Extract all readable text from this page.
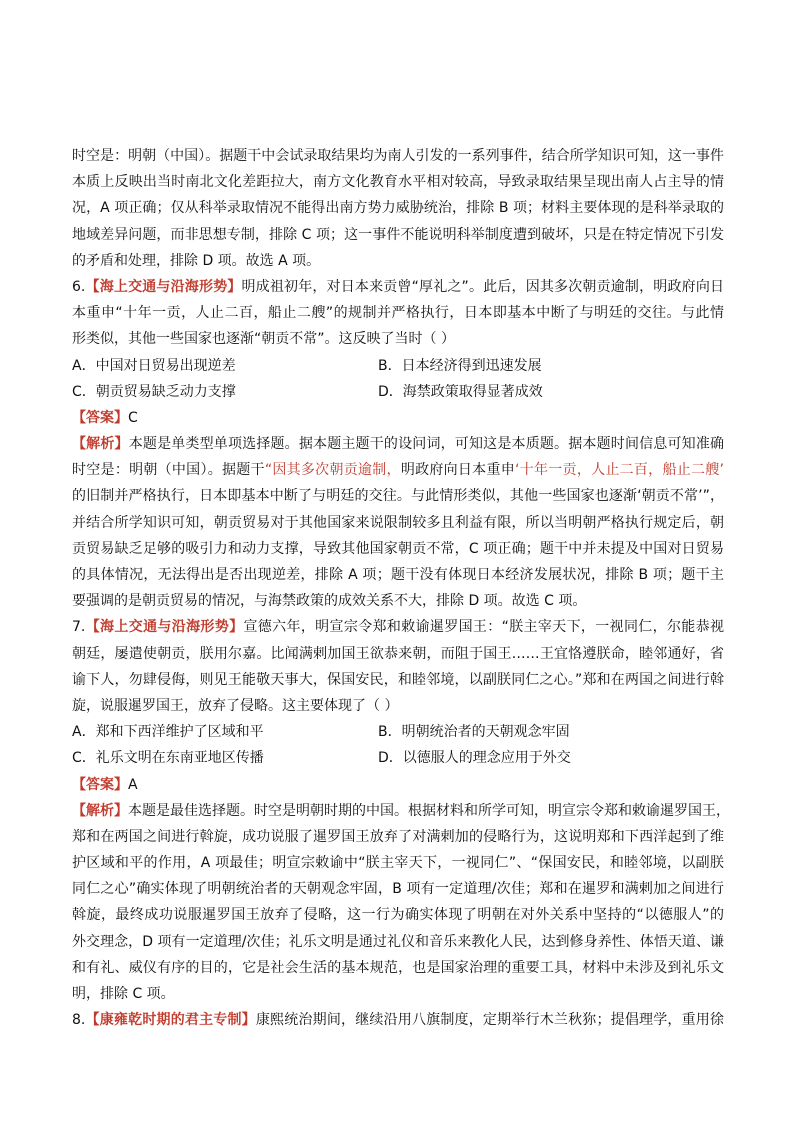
时空是：明朝（中国）。据题干中会试录取结果均为南人引发的一系列事件，结合所学知识可知，这一事件
本质上反映出当时南北文化差距拉大，南方文化教育水平相对较高，导致录取结果呈现出南人占主导的情
况，A 项正确；仅从科举录取情况不能得出南方势力威胁统治，排除 B 项；材料主要体现的是科举录取的
地域差异问题，而非思想专制，排除 C 项；这一事件不能说明科举制度遭到破坏，只是在特定情况下引发
的矛盾和处理，排除 D 项。故选 A 项。
6.【海上交通与沿海形势】明成祖初年，对日本来贡曾“厚礼之”。此后，因其多次朝贡逾制，明政府向日
本重申“十年一贡，人止二百，船止二艘”的规制并严格执行，日本即基本中断了与明廷的交往。与此情
形类似，其他一些国家也逐渐“朝贡不常”。这反映了当时（ ）
A．中国对日贸易出现逆差	B．日本经济得到迅速发展
C．朝贡贸易缺乏动力支撑	D．海禁政策取得显著成效
【答案】C
【解析】本题是单类型单项选择题。据本题主题干的设问词，可知这是本质题。据本题时间信息可知准确
时空是：明朝（中国）。据题干“因其多次朝贡逾制，明政府向日本重申‘十年一贡，人止二百，船止二艘’
的旧制并严格执行，日本即基本中断了与明廷的交往。与此情形类似，其他一些国家也逐渐‘朝贡不常’”，
并结合所学知识可知，朝贡贸易对于其他国家来说限制较多且利益有限，所以当明朝严格执行规定后，朝
贡贸易缺乏足够的吸引力和动力支撑，导致其他国家朝贡不常，C 项正确；题干中并未提及中国对日贸易
的具体情况，无法得出是否出现逆差，排除 A 项；题干没有体现日本经济发展状况，排除 B 项；题干主
要强调的是朝贡贸易的情况，与海禁政策的成效关系不大，排除 D 项。故选 C 项。
7.【海上交通与沿海形势】宣德六年，明宣宗令郑和敕谕暹罗国王：“朕主宰天下，一视同仁，尔能恭视
朝廷，屡遣使朝贡，朕用尔嘉。比闻满剌加国王欲恭来朝，而阻于国王……王宜恪遵朕命，睦邻通好，省
谕下人，勿肆侵侮，则见王能敬天事大，保国安民，和睦邻境，以副朕同仁之心。”郑和在两国之间进行斡
旋，说服暹罗国王，放弃了侵略。这主要体现了（ ）
A．郑和下西洋维护了区域和平	B．明朝统治者的天朝观念牢固
C．礼乐文明在东南亚地区传播	D．以德服人的理念应用于外交
【答案】A
【解析】本题是最佳选择题。时空是明朝时期的中国。根据材料和所学可知，明宣宗令郑和敕谕暹罗国王，
郑和在两国之间进行斡旋，成功说服了暹罗国王放弃了对满剌加的侵略行为，这说明郑和下西洋起到了维
护区域和平的作用，A 项最佳；明宣宗敕谕中“朕主宰天下，一视同仁”、“保国安民，和睦邻境，以副朕
同仁之心”确实体现了明朝统治者的天朝观念牢固，B 项有一定道理/次佳；郑和在暹罗和满剌加之间进行
斡旋，最终成功说服暹罗国王放弃了侵略，这一行为确实体现了明朝在对外关系中坚持的“以德服人”的
外交理念，D 项有一定道理/次佳；礼乐文明是通过礼仪和音乐来教化人民，达到修身养性、体悟天道、谦
和有礼、威仪有序的目的，它是社会生活的基本规范，也是国家治理的重要工具，材料中未涉及到礼乐文
明，排除 C 项。
8.【康雍乾时期的君主专制】康熙统治期间，继续沿用八旗制度，定期举行木兰秋狝；提倡理学，重用徐
